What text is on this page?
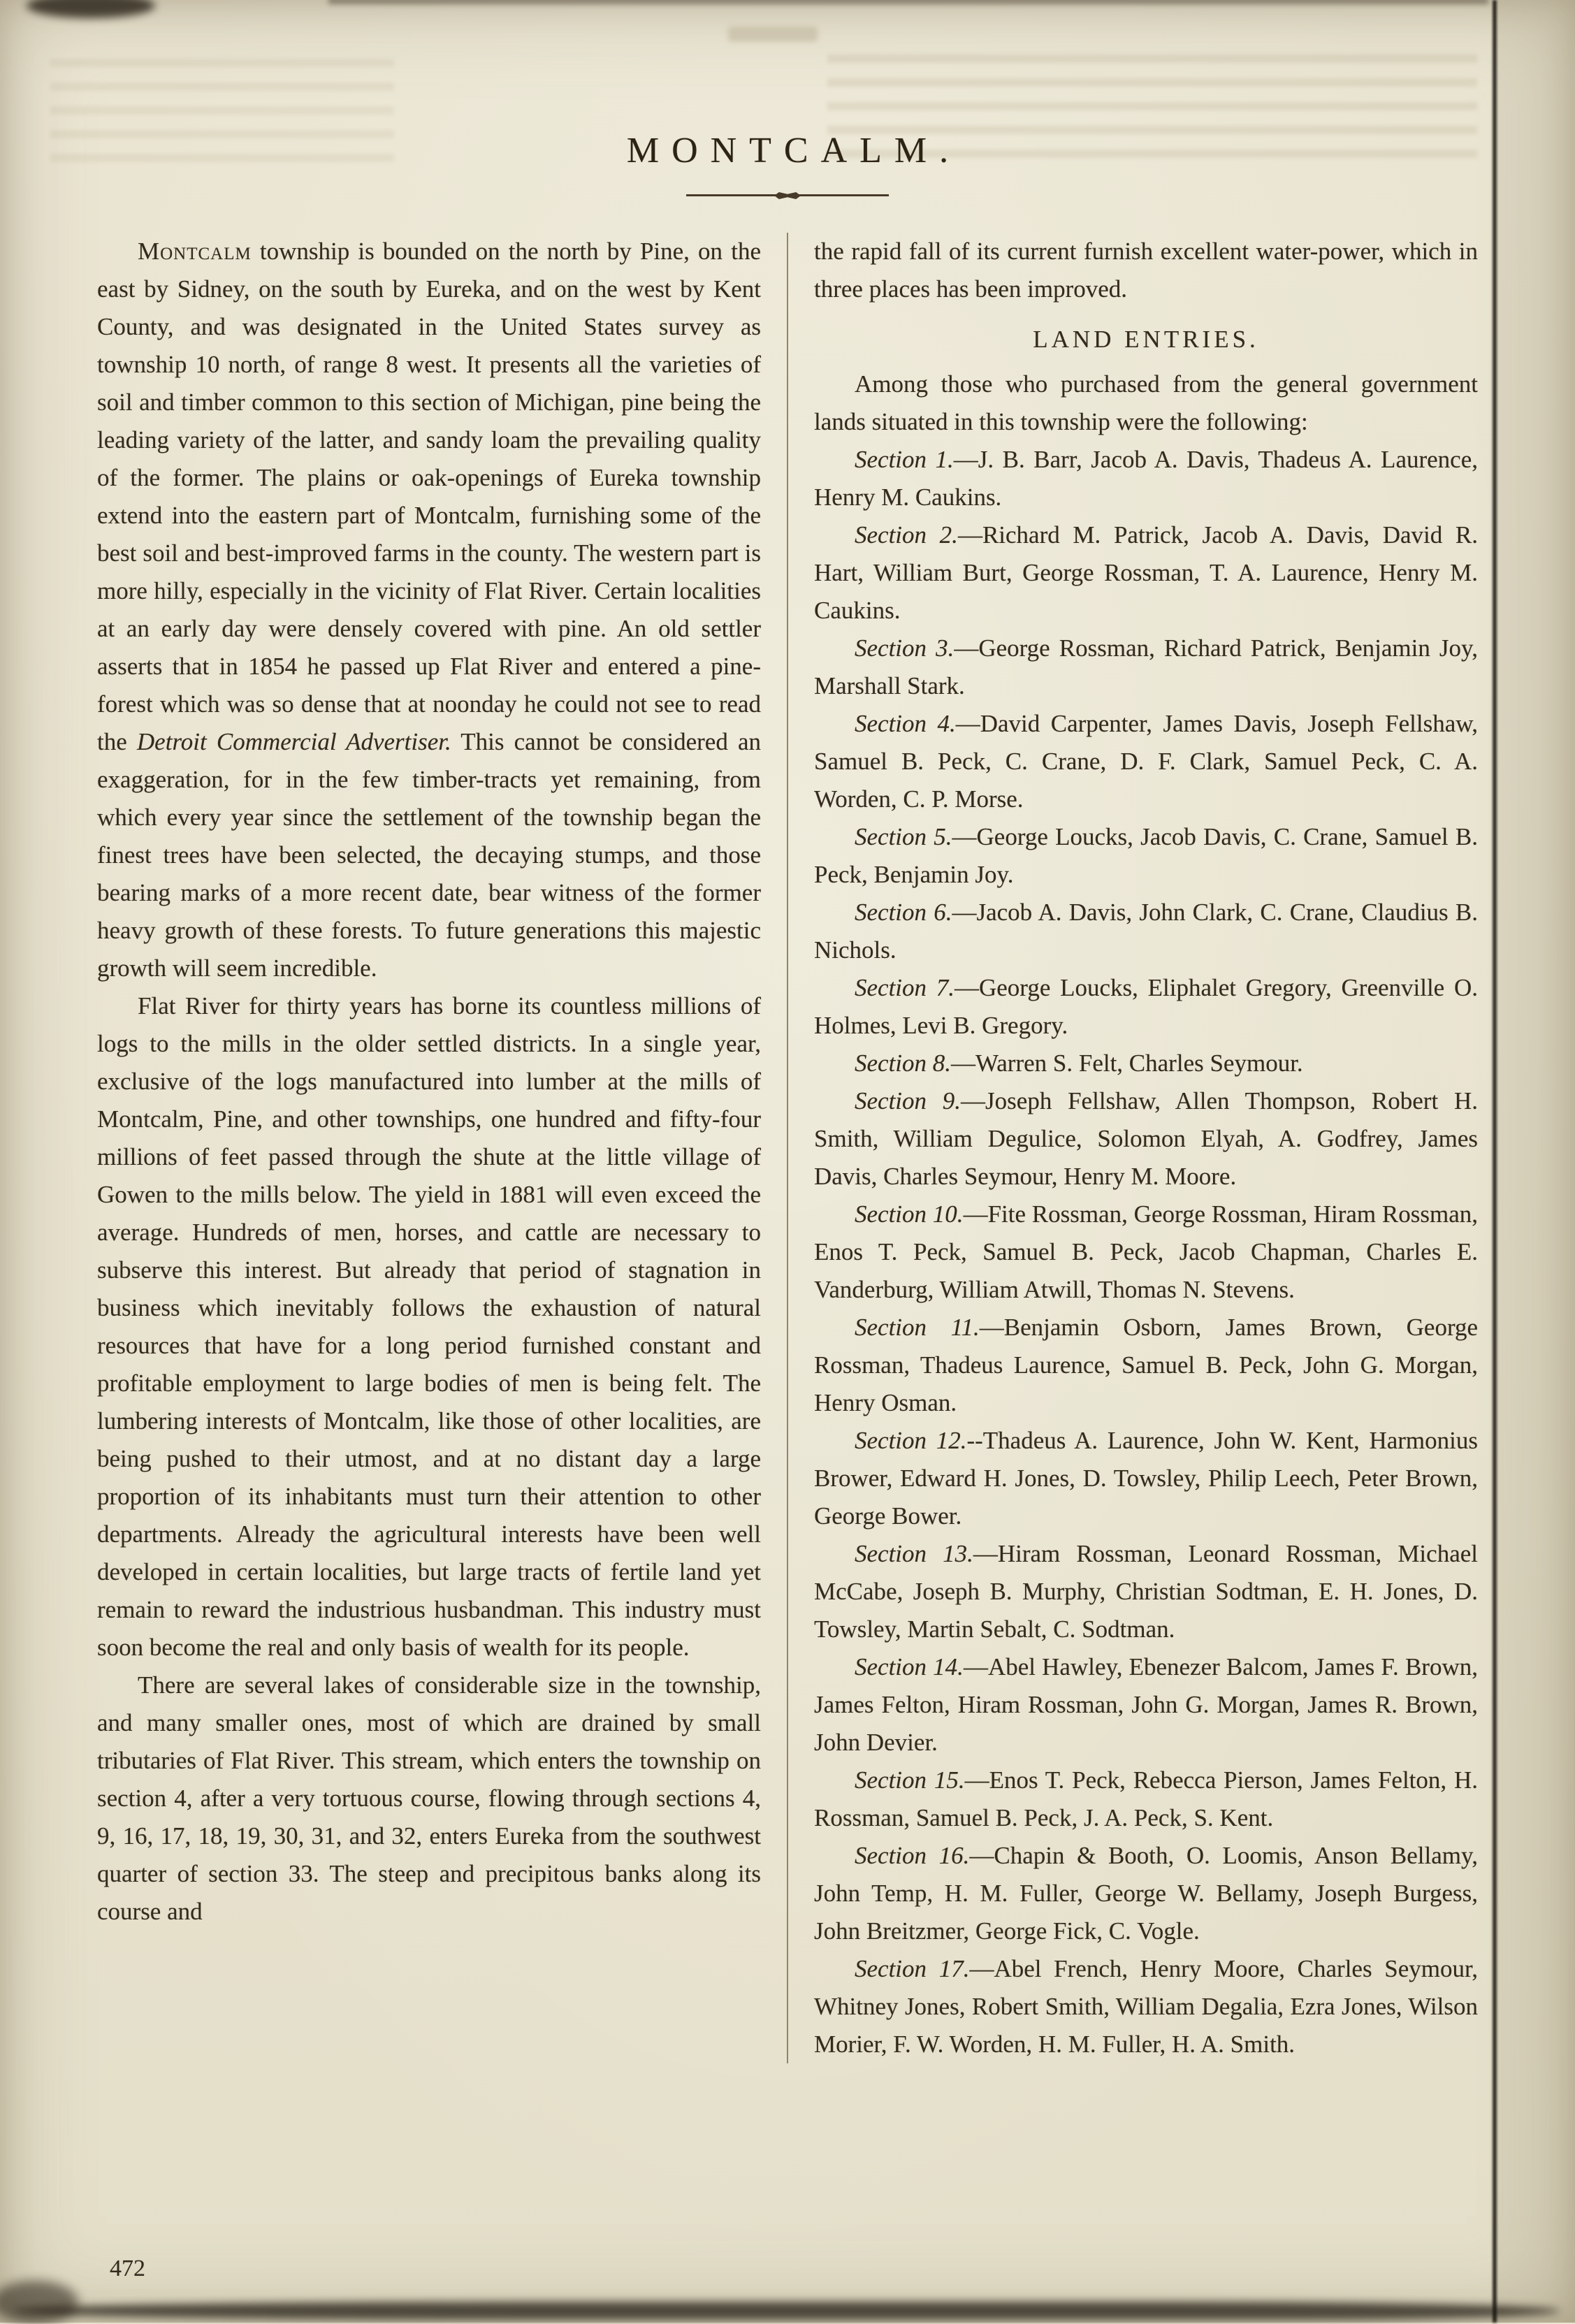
MONTCALM.

Montcalm township is bounded on the north by Pine, on the east by Sidney, on the south by Eureka, and on the west by Kent County, and was designated in the United States survey as township 10 north, of range 8 west. It presents all the varieties of soil and timber common to this section of Michigan, pine being the leading variety of the latter, and sandy loam the prevailing quality of the former. The plains or oak-openings of Eureka township extend into the eastern part of Montcalm, furnishing some of the best soil and best-improved farms in the county. The western part is more hilly, especially in the vicinity of Flat River. Certain localities at an early day were densely covered with pine. An old settler asserts that in 1854 he passed up Flat River and entered a pine-forest which was so dense that at noonday he could not see to read the Detroit Commercial Advertiser. This cannot be considered an exaggeration, for in the few timber-tracts yet remaining, from which every year since the settlement of the township began the finest trees have been selected, the decaying stumps, and those bearing marks of a more recent date, bear witness of the former heavy growth of these forests. To future generations this majestic growth will seem incredible.

Flat River for thirty years has borne its countless millions of logs to the mills in the older settled districts. In a single year, exclusive of the logs manufactured into lumber at the mills of Montcalm, Pine, and other townships, one hundred and fifty-four millions of feet passed through the shute at the little village of Gowen to the mills below. The yield in 1881 will even exceed the average. Hundreds of men, horses, and cattle are necessary to subserve this interest. But already that period of stagnation in business which inevitably follows the exhaustion of natural resources that have for a long period furnished constant and profitable employment to large bodies of men is being felt. The lumbering interests of Montcalm, like those of other localities, are being pushed to their utmost, and at no distant day a large proportion of its inhabitants must turn their attention to other departments. Already the agricultural interests have been well developed in certain localities, but large tracts of fertile land yet remain to reward the industrious husbandman. This industry must soon become the real and only basis of wealth for its people.

There are several lakes of considerable size in the township, and many smaller ones, most of which are drained by small tributaries of Flat River. This stream, which enters the township on section 4, after a very tortuous course, flowing through sections 4, 9, 16, 17, 18, 19, 30, 31, and 32, enters Eureka from the southwest quarter of section 33. The steep and precipitous banks along its course and

the rapid fall of its current furnish excellent water-power, which in three places has been improved.

LAND ENTRIES.

Among those who purchased from the general government lands situated in this township were the following:

Section 1.—J. B. Barr, Jacob A. Davis, Thadeus A. Laurence, Henry M. Caukins.

Section 2.—Richard M. Patrick, Jacob A. Davis, David R. Hart, William Burt, George Rossman, T. A. Laurence, Henry M. Caukins.

Section 3.—George Rossman, Richard Patrick, Benjamin Joy, Marshall Stark.

Section 4.—David Carpenter, James Davis, Joseph Fellshaw, Samuel B. Peck, C. Crane, D. F. Clark, Samuel Peck, C. A. Worden, C. P. Morse.

Section 5.—George Loucks, Jacob Davis, C. Crane, Samuel B. Peck, Benjamin Joy.

Section 6.—Jacob A. Davis, John Clark, C. Crane, Claudius B. Nichols.

Section 7.—George Loucks, Eliphalet Gregory, Greenville O. Holmes, Levi B. Gregory.

Section 8.—Warren S. Felt, Charles Seymour.

Section 9.—Joseph Fellshaw, Allen Thompson, Robert H. Smith, William Degulice, Solomon Elyah, A. Godfrey, James Davis, Charles Seymour, Henry M. Moore.

Section 10.—Fite Rossman, George Rossman, Hiram Rossman, Enos T. Peck, Samuel B. Peck, Jacob Chapman, Charles E. Vanderburg, William Atwill, Thomas N. Stevens.

Section 11.—Benjamin Osborn, James Brown, George Rossman, Thadeus Laurence, Samuel B. Peck, John G. Morgan, Henry Osman.

Section 12.--Thadeus A. Laurence, John W. Kent, Harmonius Brower, Edward H. Jones, D. Towsley, Philip Leech, Peter Brown, George Bower.

Section 13.—Hiram Rossman, Leonard Rossman, Michael McCabe, Joseph B. Murphy, Christian Sodtman, E. H. Jones, D. Towsley, Martin Sebalt, C. Sodtman.

Section 14.—Abel Hawley, Ebenezer Balcom, James F. Brown, James Felton, Hiram Rossman, John G. Morgan, James R. Brown, John Devier.

Section 15.—Enos T. Peck, Rebecca Pierson, James Felton, H. Rossman, Samuel B. Peck, J. A. Peck, S. Kent.

Section 16.—Chapin & Booth, O. Loomis, Anson Bellamy, John Temp, H. M. Fuller, George W. Bellamy, Joseph Burgess, John Breitzmer, George Fick, C. Vogle.

Section 17.—Abel French, Henry Moore, Charles Seymour, Whitney Jones, Robert Smith, William Degalia, Ezra Jones, Wilson Morier, F. W. Worden, H. M. Fuller, H. A. Smith.

472
